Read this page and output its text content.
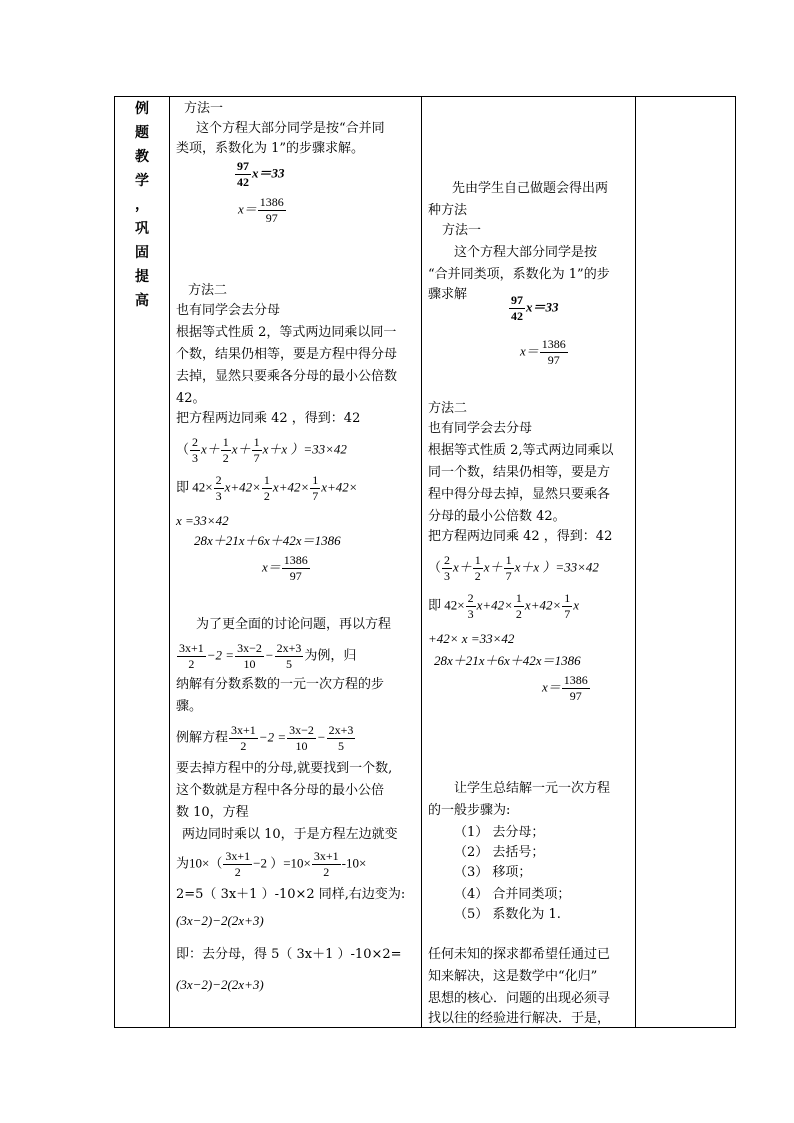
例
题
教
学
，
巩
固
提
高

方法一
这个方程大部分同学是按“合并同
类项，系数化为 1”的步骤求解。
$\frac{97}{42} x=33$
$x= \frac{1386}{97}$
方法二
也有同学会去分母
根据等式性质 2，等式两边同乘以同一
个数，结果仍相等，要是方程中得分母
去掉，显然只要乘各分母的最小公倍数
42。
把方程两边同乘 42 ，得到：42
（ $\frac{2}{3} x+ \frac{1}{2} x+ \frac{1}{7} x+x$ ）=33×42
即 $42\times \frac{2}{3} x+42\times \frac{1}{2} x+42\times \frac{1}{7} x+42\times$
x =33×42
28x＋21x＋6x＋42x＝1386
$x= \frac{1386}{97}$
为了更全面的讨论问题，再以方程
$\frac{3x+1}{2} -2 = \frac{3x-2}{10} - \frac{2x+3}{5}$ 为例，归
纳解有分数系数的一元一次方程的步
骤。
例解方程 $\frac{3x+1}{2} -2 = \frac{3x-2}{10} - \frac{2x+3}{5}$
要去掉方程中的分母,就要找到一个数,
这个数就是方程中各分母的最小公倍
数 10，方程
两边同时乘以 10，于是方程左边就变
为$10\times( \frac{3x+1}{2} -2$ ）$=10\times \frac{3x+1}{2} -10\times$
2=5（ 3x＋1 ）-10×2 同样,右边变为:
(3x−2)−2(2x+3)
即：去分母，得 5（ 3x＋1 ）-10×2=
(3x−2)−2(2x+3)

先由学生自己做题会得出两
种方法
方法一
这个方程大部分同学是按
“合并同类项，系数化为 1”的步
骤求解	$\frac{97}{42} x=33$
$x= \frac{1386}{97}$
方法二
也有同学会去分母
根据等式性质 2,等式两边同乘以
同一个数，结果仍相等，要是方
程中得分母去掉，显然只要乘各
分母的最小公倍数 42。
把方程两边同乘 42 ，得到：42
（ $\frac{2}{3} x+ \frac{1}{2} x+ \frac{1}{7} x+x$ ）=33×42
即 $42\times \frac{2}{3} x+42\times \frac{1}{2} x+42\times \frac{1}{7}$ x
+42× x =33×42
28x＋21x＋6x＋42x＝1386
$x= \frac{1386}{97}$
让学生总结解一元一次方程
的一般步骤为:
（1） 去分母；
（2） 去括号；
（3） 移项；
（4） 合并同类项；
（5） 系数化为 1.
任何未知的探求都希望任通过已
知来解决，这是数学中“化归”
思想的核心．问题的出现必须寻
找以往的经验进行解决．于是，
